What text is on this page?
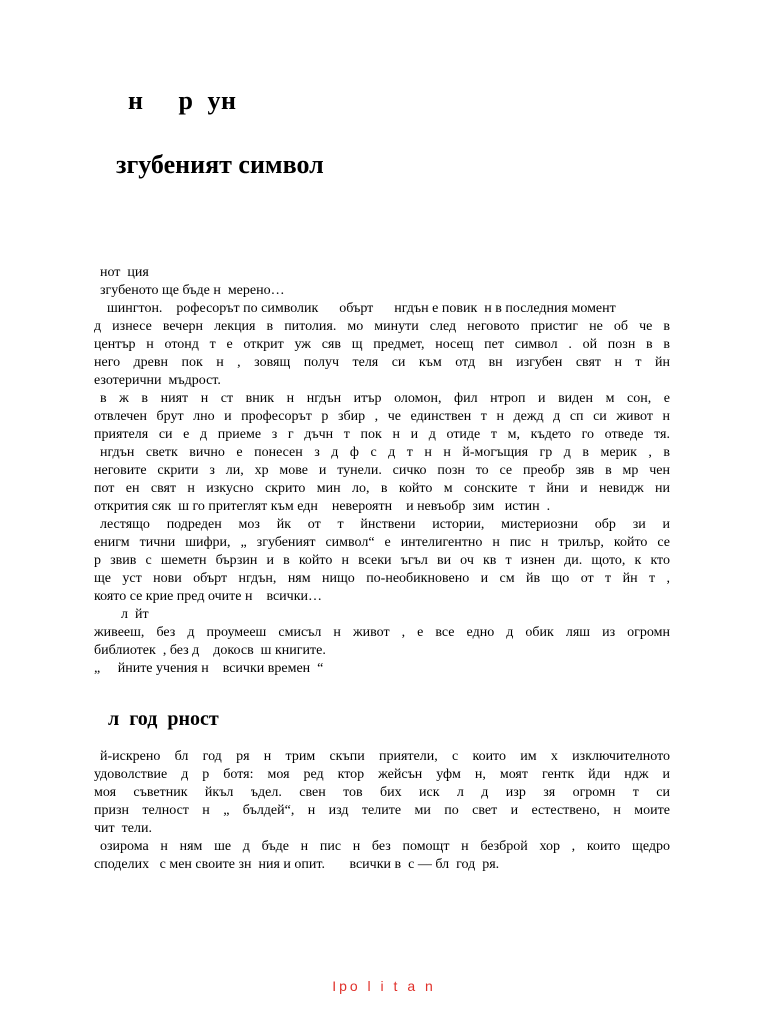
н     р  ун
згубеният символ
нот  ция
згубеното ще бъде н  мерено…
шингтон.    рофесорът по символик      обърт      нгдън е повик  н в последния момент
д изнесе вечерн лекция в питолия. мо минути след неговото пристиг не об че в
център н отонд т е открит уж сяв щ предмет, носещ пет символ . ой позн в в
него древн пок н , зовящ получ теля си към отд вн изгубен свят н т йн
езотерични  мъдрост.
в ж в ният н ст вник н нгдън итър оломон, фил нтроп и виден м сон, е
отвлечен брут лно и професорът р збир , че единствен т н дежд д сп си живот н
приятеля си е д приеме з г дъчн т пок н и д отиде т м, където го отведе тя.
нгдън светк вично е понесен з д ф с д т н н й-могъщия гр д в мерик , в
неговите скрити з ли, хр мове и тунели. сичко позн то се преобр зяв в мр чен
пот ен свят н изкусно скрито мин ло, в който м сонските т йни и невидж ни
открития сяк  ш го притеглят към едн    невероятн    и невъобр  зим   истин  .
лестящо подреден моз йк от т йнствени истории, мистериозни обр зи и
енигм тични шифри, „ згубеният символ“ е интелигентно н пис н трилър, който се
р звив с шеметн бързин и в който н всеки ъгъл ви оч кв т изнен ди. щото, к кто
ще уст нови обърт нгдън, ням нищо по-необикновено и см йв що от т йн т ,
която се крие пред очите н    всички…
л  йт
живееш, без д проумееш смисъл н живот , е все едно д обик ляш из огромн
библиотек  , без д    докосв  ш книгите.
„     йните учения н    всички времен  “
л  год  рност
й-искрено бл год ря н трим скъпи приятели, с които им х изключителното
удоволствие д р ботя: моя ред ктор жейсън уфм н, моят гентк йди ндж и
моя съветник йкъл ъдел. свен тов бих иск л д изр зя огромн т си
призн телност н „ бълдей“, н изд телите ми по свет и естествено, н моите
чит  тели.
озирома н ням ше д бъде н пис н без помощт н безброй хор , които щедро
споделих   с мен своите зн  ния и опит.       всички в  с — бл  год  ря.
Ipo l i t a n
